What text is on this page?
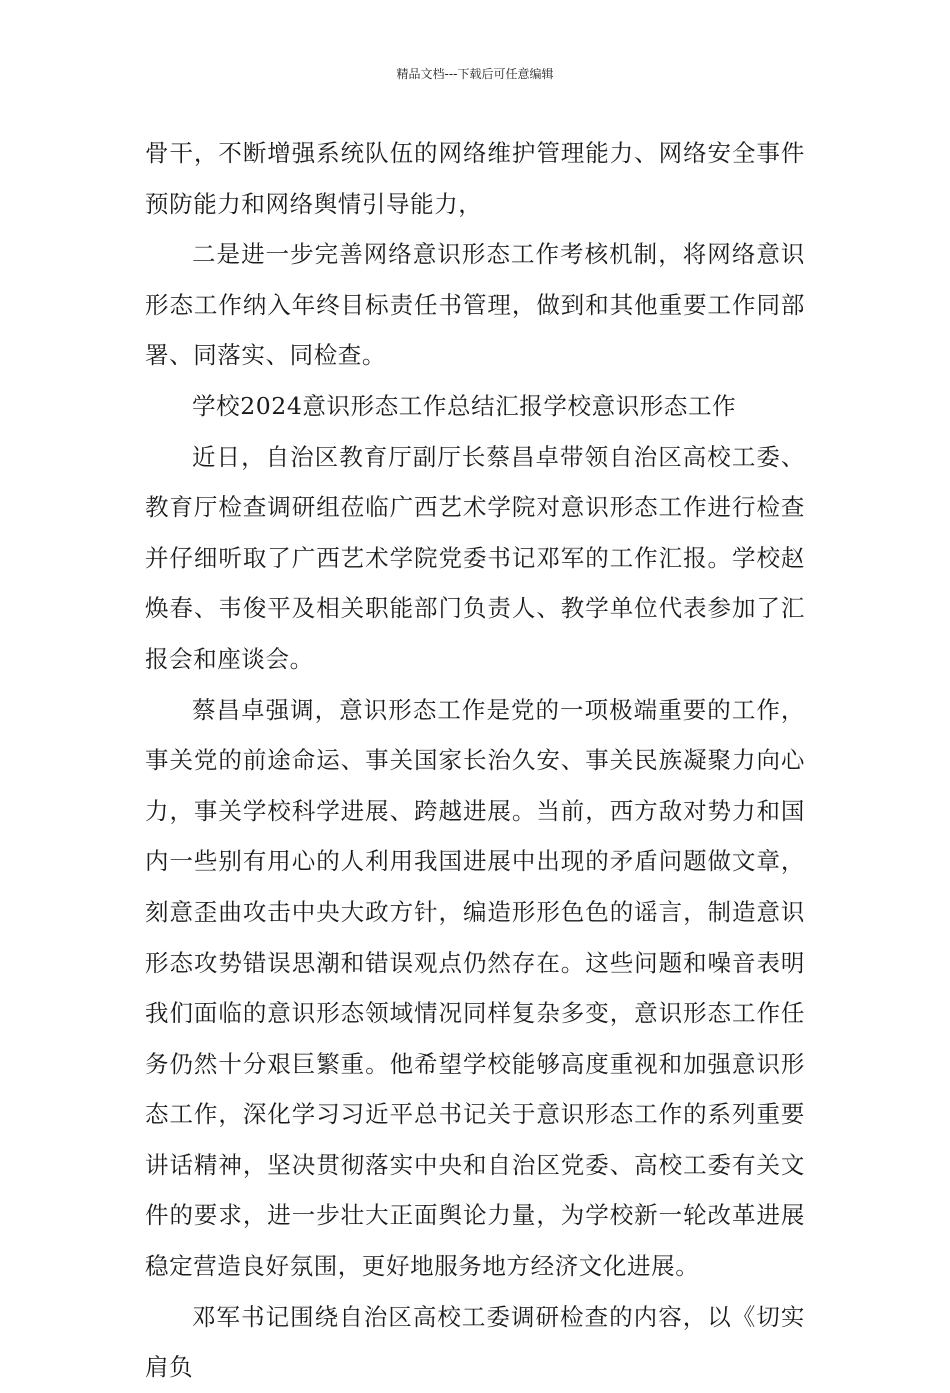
精品文档---下载后可任意编辑

骨干，不断增强系统队伍的网络维护管理能力、网络安全事件预防能力和网络舆情引导能力，

二是进一步完善网络意识形态工作考核机制，将网络意识形态工作纳入年终目标责任书管理，做到和其他重要工作同部署、同落实、同检查。

学校2024意识形态工作总结汇报学校意识形态工作

近日，自治区教育厅副厅长蔡昌卓带领自治区高校工委、教育厅检查调研组莅临广西艺术学院对意识形态工作进行检查并仔细听取了广西艺术学院党委书记邓军的工作汇报。学校赵焕春、韦俊平及相关职能部门负责人、教学单位代表参加了汇报会和座谈会。

蔡昌卓强调，意识形态工作是党的一项极端重要的工作，事关党的前途命运、事关国家长治久安、事关民族凝聚力向心力，事关学校科学进展、跨越进展。当前，西方敌对势力和国内一些别有用心的人利用我国进展中出现的矛盾问题做文章，刻意歪曲攻击中央大政方针，编造形形色色的谣言，制造意识形态攻势错误思潮和错误观点仍然存在。这些问题和噪音表明我们面临的意识形态领域情况同样复杂多变，意识形态工作任务仍然十分艰巨繁重。他希望学校能够高度重视和加强意识形态工作，深化学习习近平总书记关于意识形态工作的系列重要讲话精神，坚决贯彻落实中央和自治区党委、高校工委有关文件的要求，进一步壮大正面舆论力量，为学校新一轮改革进展稳定营造良好氛围，更好地服务地方经济文化进展。

邓军书记围绕自治区高校工委调研检查的内容，以《切实肩负
